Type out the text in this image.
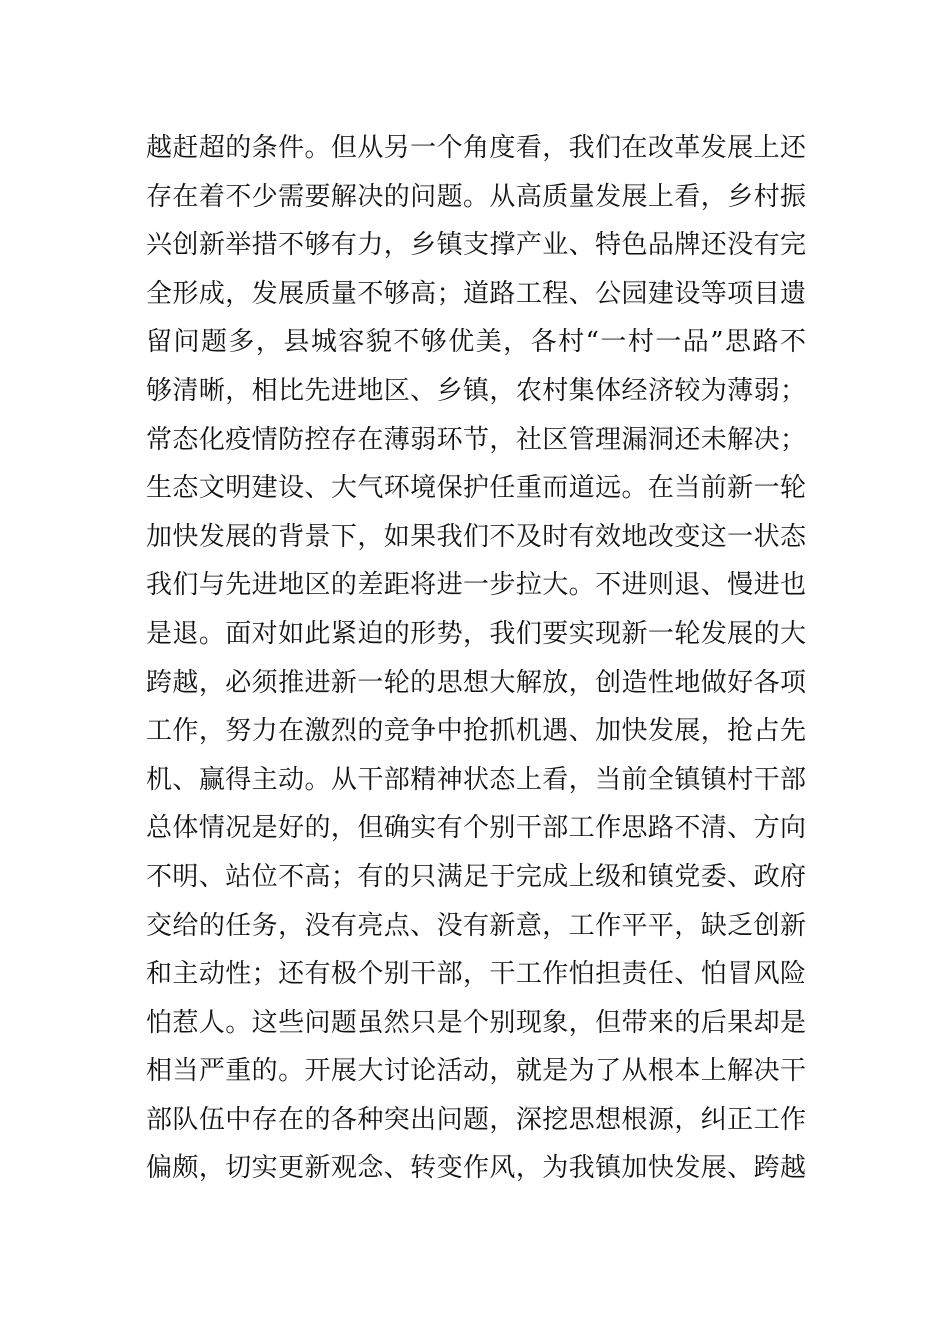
越赶超的条件。但从另一个角度看，我们在改革发展上还
存在着不少需要解决的问题。从高质量发展上看，乡村振
兴创新举措不够有力，乡镇支撑产业、特色品牌还没有完
全形成，发展质量不够高；道路工程、公园建设等项目遗
留问题多，县城容貌不够优美，各村“一村一品”思路不
够清晰，相比先进地区、乡镇，农村集体经济较为薄弱；
常态化疫情防控存在薄弱环节，社区管理漏洞还未解决；
生态文明建设、大气环境保护任重而道远。在当前新一轮
加快发展的背景下，如果我们不及时有效地改变这一状态
我们与先进地区的差距将进一步拉大。不进则退、慢进也
是退。面对如此紧迫的形势，我们要实现新一轮发展的大
跨越，必须推进新一轮的思想大解放，创造性地做好各项
工作，努力在激烈的竞争中抢抓机遇、加快发展，抢占先
机、赢得主动。从干部精神状态上看，当前全镇镇村干部
总体情况是好的，但确实有个别干部工作思路不清、方向
不明、站位不高；有的只满足于完成上级和镇党委、政府
交给的任务，没有亮点、没有新意，工作平平，缺乏创新
和主动性；还有极个别干部，干工作怕担责任、怕冒风险
怕惹人。这些问题虽然只是个别现象，但带来的后果却是
相当严重的。开展大讨论活动，就是为了从根本上解决干
部队伍中存在的各种突出问题，深挖思想根源，纠正工作
偏颇，切实更新观念、转变作风，为我镇加快发展、跨越
